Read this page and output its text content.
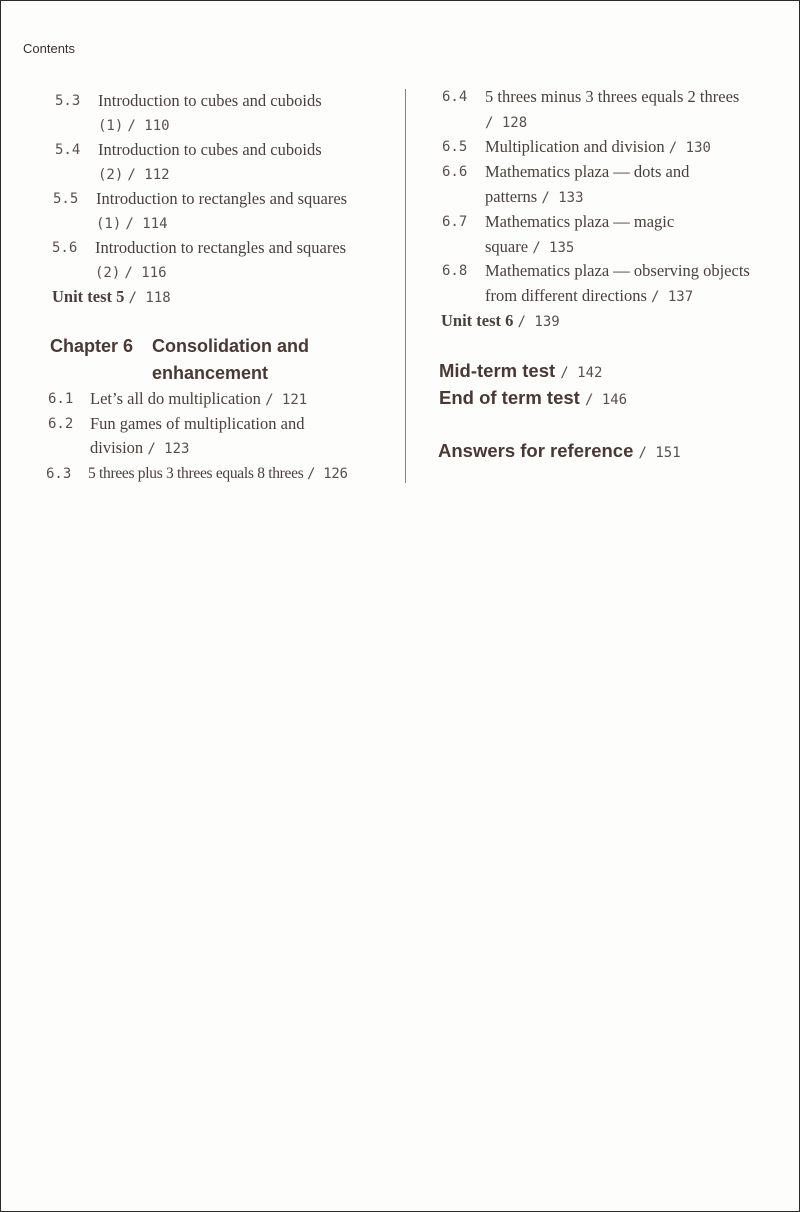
Contents
5.3 Introduction to cubes and cuboids
(1) / 110
5.4 Introduction to cubes and cuboids
(2) / 112
5.5 Introduction to rectangles and squares
(1) / 114
5.6 Introduction to rectangles and squares
(2) / 116
Unit test 5 / 118
Chapter 6 Consolidation and
enhancement
6.1 Let’s all do multiplication / 121
6.2 Fun games of multiplication and
division / 123
6.3 5 threes plus 3 threes equals 8 threes / 126
6.4 5 threes minus 3 threes equals 2 threes
/ 128
6.5 Multiplication and division / 130
6.6 Mathematics plaza — dots and
patterns / 133
6.7 Mathematics plaza — magic
square / 135
6.8 Mathematics plaza — observing objects
from different directions / 137
Unit test 6 / 139
Mid-term test / 142
End of term test / 146
Answers for reference / 151
